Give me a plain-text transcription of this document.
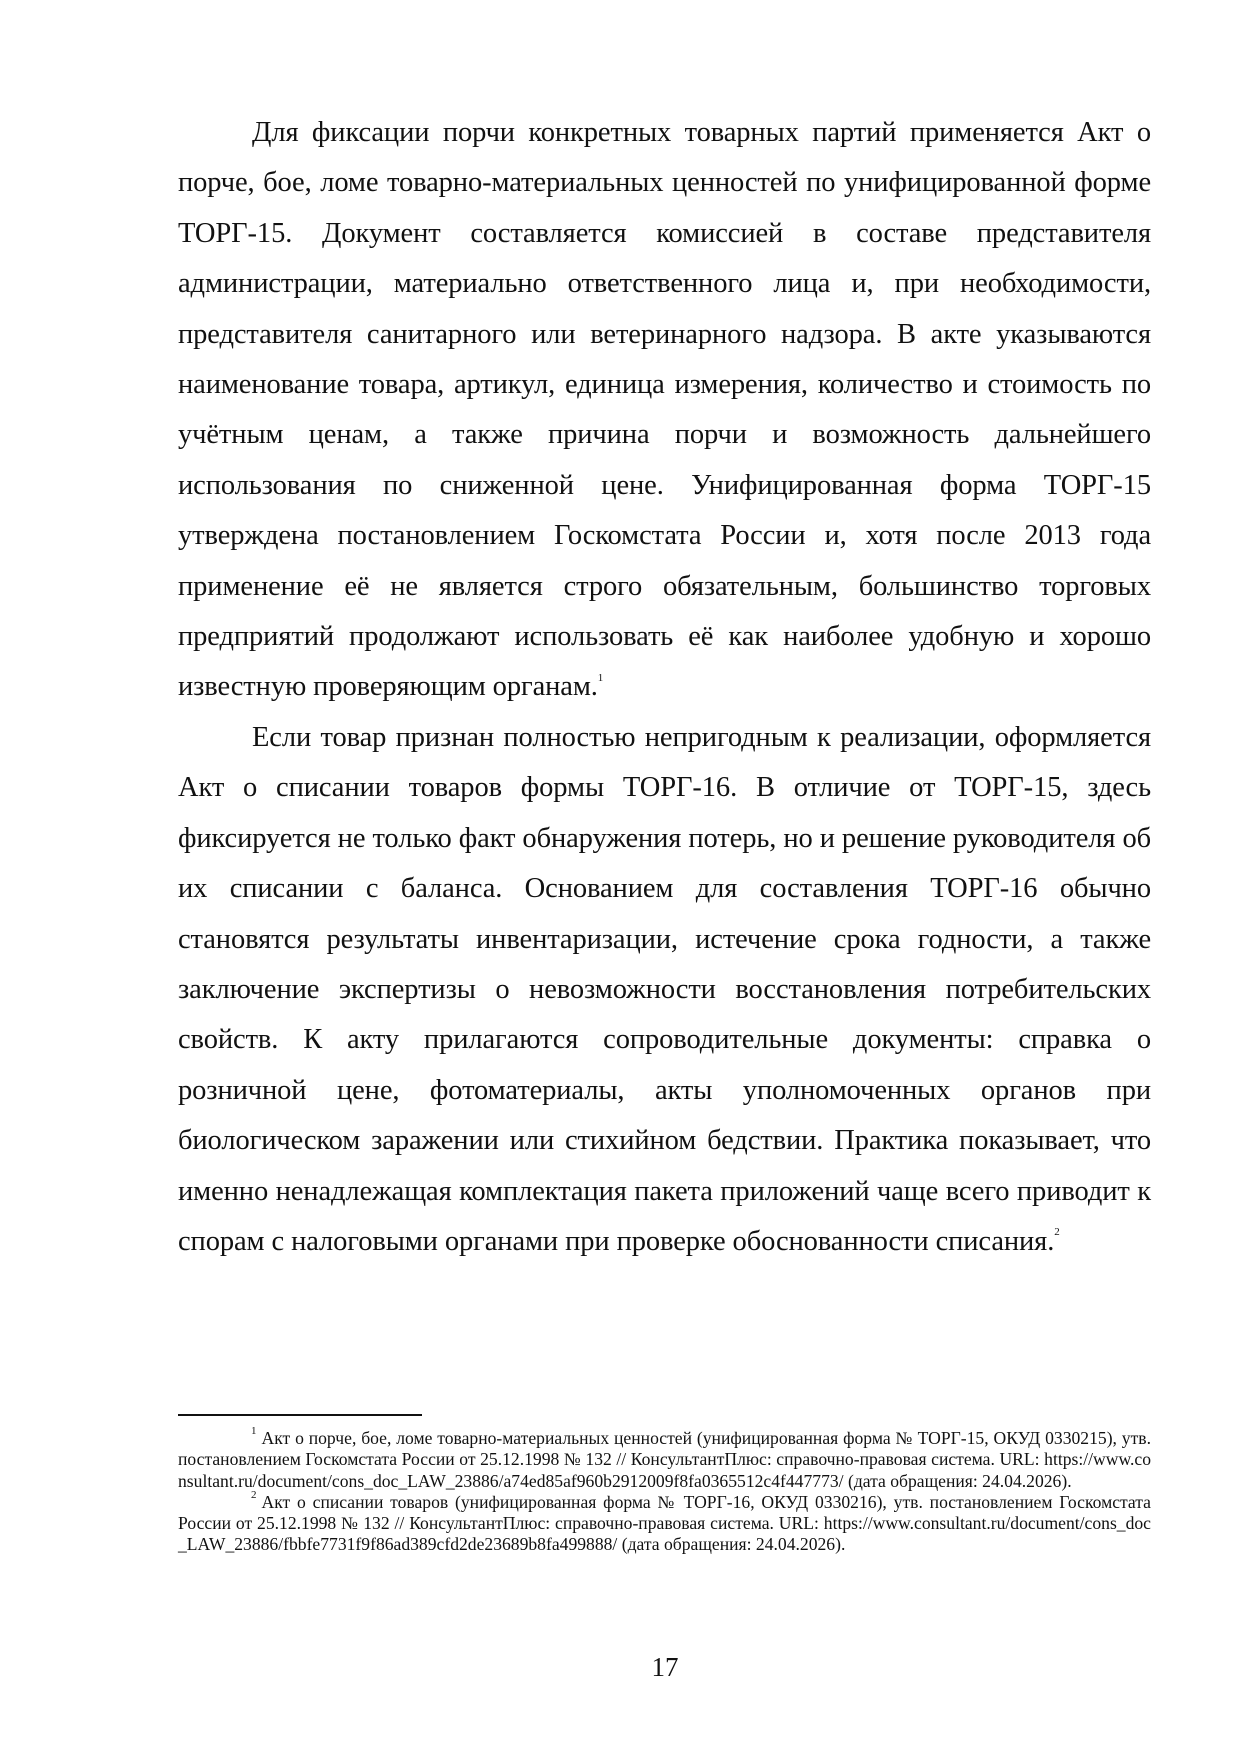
Для фиксации порчи конкретных товарных партий применяется Акт о порче, бое, ломе товарно-материальных ценностей по унифицированной форме ТОРГ-15. Документ составляется комиссией в составе представителя администрации, материально ответственного лица и, при необходимости, представителя санитарного или ветеринарного надзора. В акте указываются наименование товара, артикул, единица измерения, количество и стоимость по учётным ценам, а также причина порчи и возможность дальнейшего использования по сниженной цене. Унифицированная форма ТОРГ-15 утверждена постановлением Госкомстата России и, хотя после 2013 года применение её не является строго обязательным, большинство торговых предприятий продолжают использовать её как наиболее удобную и хорошо известную проверяющим органам.$^1$

Если товар признан полностью непригодным к реализации, оформляется Акт о списании товаров формы ТОРГ-16. В отличие от ТОРГ-15, здесь фиксируется не только факт обнаружения потерь, но и решение руководителя об их списании с баланса. Основанием для составления ТОРГ-16 обычно становятся результаты инвентаризации, истечение срока годности, а также заключение экспертизы о невозможности восстановления потребительских свойств. К акту прилагаются сопроводительные документы: справка о розничной цене, фотоматериалы, акты уполномоченных органов при биологическом заражении или стихийном бедствии. Практика показывает, что именно ненадлежащая комплектация пакета приложений чаще всего приводит к спорам с налоговыми органами при проверке обоснованности списания.$^2$

$^1$ Акт о порче, бое, ломе товарно-материальных ценностей (унифицированная форма № ТОРГ-15, ОКУД 0330215), утв. постановлением Госкомстата России от 25.12.1998 № 132 // КонсультантПлюс: справочно-правовая система. URL: https://www.consultant.ru/document/cons_doc_LAW_23886/a74ed85af960b2912009f8fa0365512c4f447773/ (дата обращения: 24.04.2026).

$^2$ Акт о списании товаров (унифицированная форма № ТОРГ-16, ОКУД 0330216), утв. постановлением Госкомстата России от 25.12.1998 № 132 // КонсультантПлюс: справочно-правовая система. URL: https://www.consultant.ru/document/cons_doc_LAW_23886/fbbfe7731f9f86ad389cfd2de23689b8fa499888/ (дата обращения: 24.04.2026).

17
